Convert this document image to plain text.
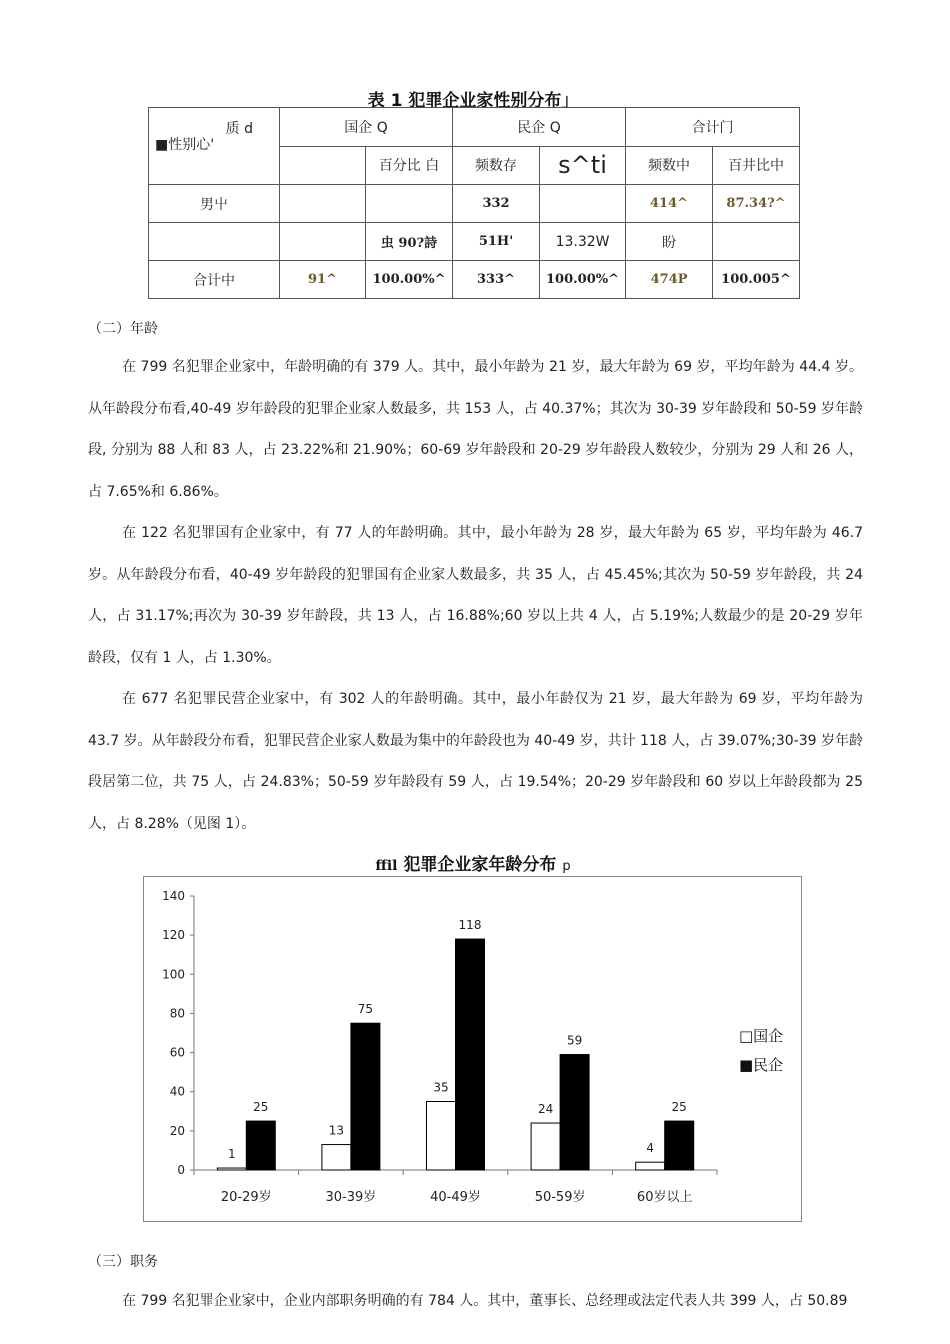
表 1 犯罪企业家性别分布」
质 d
■性别心'	国企 Q		民企 Q		合计门	
		百分比 白	频数存	s^ti	频数中	百井比中
男屮			332		414^	87.34?^
		虫 90?詩	51H'	13.32W	盼	
合计中	91^	100.00%^	333^	100.00%^	474P	100.005^
（二）年龄
在 799 名犯罪企业家中，年龄明确的有 379 人。其中，最小年龄为 21 岁，最大年龄为 69 岁，平均年龄为 44.4 岁。从年龄段分布看,40-49 岁年龄段的犯罪企业家人数最多，共 153 人，占 40.37%；其次为 30-39 岁年龄段和 50-59 岁年龄段, 分别为 88 人和 83 人，占 23.22%和 21.90%；60-69 岁年龄段和 20-29 岁年龄段人数较少，分别为 29 人和 26 人，占 7.65%和 6.86%。
在 122 名犯罪国有企业家中，有 77 人的年龄明确。其中，最小年龄为 28 岁，最大年龄为 65 岁，平均年龄为 46.7 岁。从年龄段分布看，40-49 岁年龄段的犯罪国有企业家人数最多，共 35 人，占 45.45%;其次为 50-59 岁年龄段，共 24 人，占 31.17%;再次为 30-39 岁年龄段，共 13 人，占 16.88%;60 岁以上共 4 人，占 5.19%;人数最少的是 20-29 岁年龄段，仅有 1 人，占 1.30%。
在 677 名犯罪民营企业家中，有 302 人的年龄明确。其中，最小年龄仅为 21 岁，最大年龄为 69 岁，平均年龄为 43.7 岁。从年龄段分布看，犯罪民营企业家人数最为集中的年龄段也为 40-49 岁，共计 118 人，占 39.07%;30-39 岁年龄段居第二位，共 75 人，占 24.83%；50-59 岁年龄段有 59 人，占 19.54%；20-29 岁年龄段和 60 岁以上年龄段都为 25 人，占 8.28%（见图 1）。
ffil 犯罪企业家年龄分布 p
0
20
40
60
80
100
120
140
20-29岁
1
25
30-39岁
13
75
40-49岁
35
118
50-59岁
24
59
60岁以上
4
25
□国企
■民企
（三）职务
在 799 名犯罪企业家中，企业内部职务明确的有 784 人。其中，董事长、总经理或法定代表人共 399 人，占 50.89
